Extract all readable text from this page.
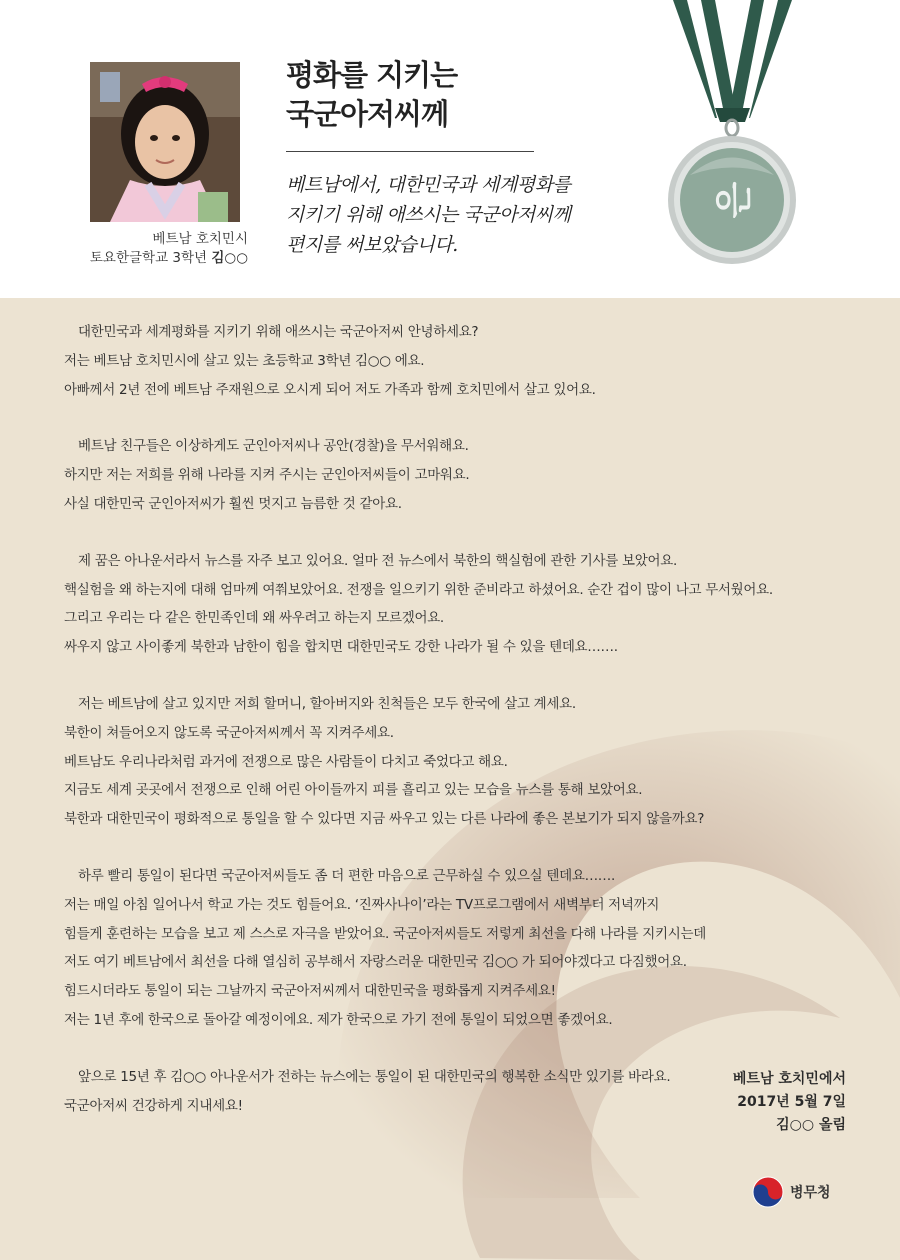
베트남 호치민시
토요한글학교 3학년 김○○
평화를 지키는
국군아저씨께
베트남에서, 대한민국과 세계평화를
지키기 위해 애쓰시는 국군아저씨께
편지를 써보았습니다.
은
대한민국과 세계평화를 지키기 위해 애쓰시는 국군아저씨 안녕하세요?
저는 베트남 호치민시에 살고 있는 초등학교 3학년 김○○ 에요.
아빠께서 2년 전에 베트남 주재원으로 오시게 되어 저도 가족과 함께 호치민에서 살고 있어요.
베트남 친구들은 이상하게도 군인아저씨나 공안(경찰)을 무서워해요.
하지만 저는 저희를 위해 나라를 지켜 주시는 군인아저씨들이 고마워요.
사실 대한민국 군인아저씨가 훨씬 멋지고 늠름한 것 같아요.
제 꿈은 아나운서라서 뉴스를 자주 보고 있어요. 얼마 전 뉴스에서 북한의 핵실험에 관한 기사를 보았어요.
핵실험을 왜 하는지에 대해 엄마께 여쭤보았어요. 전쟁을 일으키기 위한 준비라고 하셨어요. 순간 겁이 많이 나고 무서웠어요.
그리고 우리는 다 같은 한민족인데 왜 싸우려고 하는지 모르겠어요.
싸우지 않고 사이좋게 북한과 남한이 힘을 합치면 대한민국도 강한 나라가 될 수 있을 텐데요…….
저는 베트남에 살고 있지만 저희 할머니, 할아버지와 친척들은 모두 한국에 살고 계세요.
북한이 쳐들어오지 않도록 국군아저씨께서 꼭 지켜주세요.
베트남도 우리나라처럼 과거에 전쟁으로 많은 사람들이 다치고 죽었다고 해요.
지금도 세계 곳곳에서 전쟁으로 인해 어린 아이들까지 피를 흘리고 있는 모습을 뉴스를 통해 보았어요.
북한과 대한민국이 평화적으로 통일을 할 수 있다면 지금 싸우고 있는 다른 나라에 좋은 본보기가 되지 않을까요?
하루 빨리 통일이 된다면 국군아저씨들도 좀 더 편한 마음으로 근무하실 수 있으실 텐데요…….
저는 매일 아침 일어나서 학교 가는 것도 힘들어요. ‘진짜사나이’라는 TV프로그램에서 새벽부터 저녁까지
힘들게 훈련하는 모습을 보고 제 스스로 자극을 받았어요. 국군아저씨들도 저렇게 최선을 다해 나라를 지키시는데
저도 여기 베트남에서 최선을 다해 열심히 공부해서 자랑스러운 대한민국 김○○ 가 되어야겠다고 다짐했어요.
힘드시더라도 통일이 되는 그날까지 국군아저씨께서 대한민국을 평화롭게 지켜주세요!
저는 1년 후에 한국으로 돌아갈 예정이에요. 제가 한국으로 가기 전에 통일이 되었으면 좋겠어요.
앞으로 15년 후 김○○ 아나운서가 전하는 뉴스에는 통일이 된 대한민국의 행복한 소식만 있기를 바라요.
국군아저씨 건강하게 지내세요!
베트남 호치민에서
2017년 5월 7일
김○○ 올림
병무청
